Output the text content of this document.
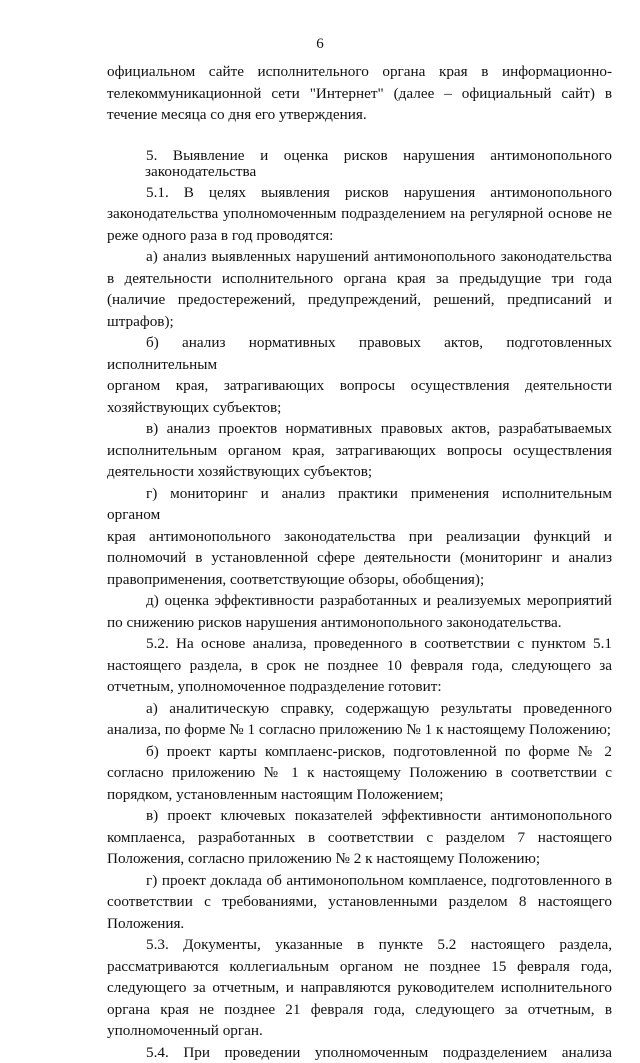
6

официальном сайте исполнительного органа края в информационно-

телекоммуникационной сети "Интернет" (далее – официальный сайт) в

течение месяца со дня его утверждения.

5. Выявление и оценка рисков нарушения антимонопольного

законодательства

5.1. В целях выявления рисков нарушения антимонопольного

законодательства уполномоченным подразделением на регулярной основе не

реже одного раза в год проводятся:

а) анализ выявленных нарушений антимонопольного законодательства

в деятельности исполнительного органа края за предыдущие три года

(наличие предостережений, предупреждений, решений, предписаний и

штрафов);

б) анализ нормативных правовых актов, подготовленных исполнительным

органом края, затрагивающих вопросы осуществления деятельности

хозяйствующих субъектов;

в) анализ проектов нормативных правовых актов, разрабатываемых

исполнительным органом края, затрагивающих вопросы осуществления

деятельности хозяйствующих субъектов;

г) мониторинг и анализ практики применения исполнительным органом

края антимонопольного законодательства при реализации функций и

полномочий в установленной сфере деятельности (мониторинг и анализ

правоприменения, соответствующие обзоры, обобщения);

д) оценка эффективности разработанных и реализуемых мероприятий

по снижению рисков нарушения антимонопольного законодательства.

5.2. На основе анализа, проведенного в соответствии с пунктом 5.1

настоящего раздела, в срок не позднее 10 февраля года, следующего за

отчетным, уполномоченное подразделение готовит:

а) аналитическую справку, содержащую результаты проведенного

анализа, по форме № 1 согласно приложению № 1 к настоящему Положению;

б) проект карты комплаенс-рисков, подготовленной по форме № 2

согласно приложению № 1 к настоящему Положению в соответствии с

порядком, установленным настоящим Положением;

в) проект ключевых показателей эффективности антимонопольного

комплаенса, разработанных в соответствии с разделом 7 настоящего

Положения, согласно приложению № 2 к настоящему Положению;

г) проект доклада об антимонопольном комплаенсе, подготовленного в

соответствии с требованиями, установленными разделом 8 настоящего

Положения.

5.3. Документы, указанные в пункте 5.2 настоящего раздела,

рассматриваются коллегиальным органом не позднее 15 февраля года,

следующего за отчетным, и направляются руководителем исполнительного

органа края не позднее 21 февраля года, следующего за отчетным, в

уполномоченный орган.

5.4. При проведении уполномоченным подразделением анализа
